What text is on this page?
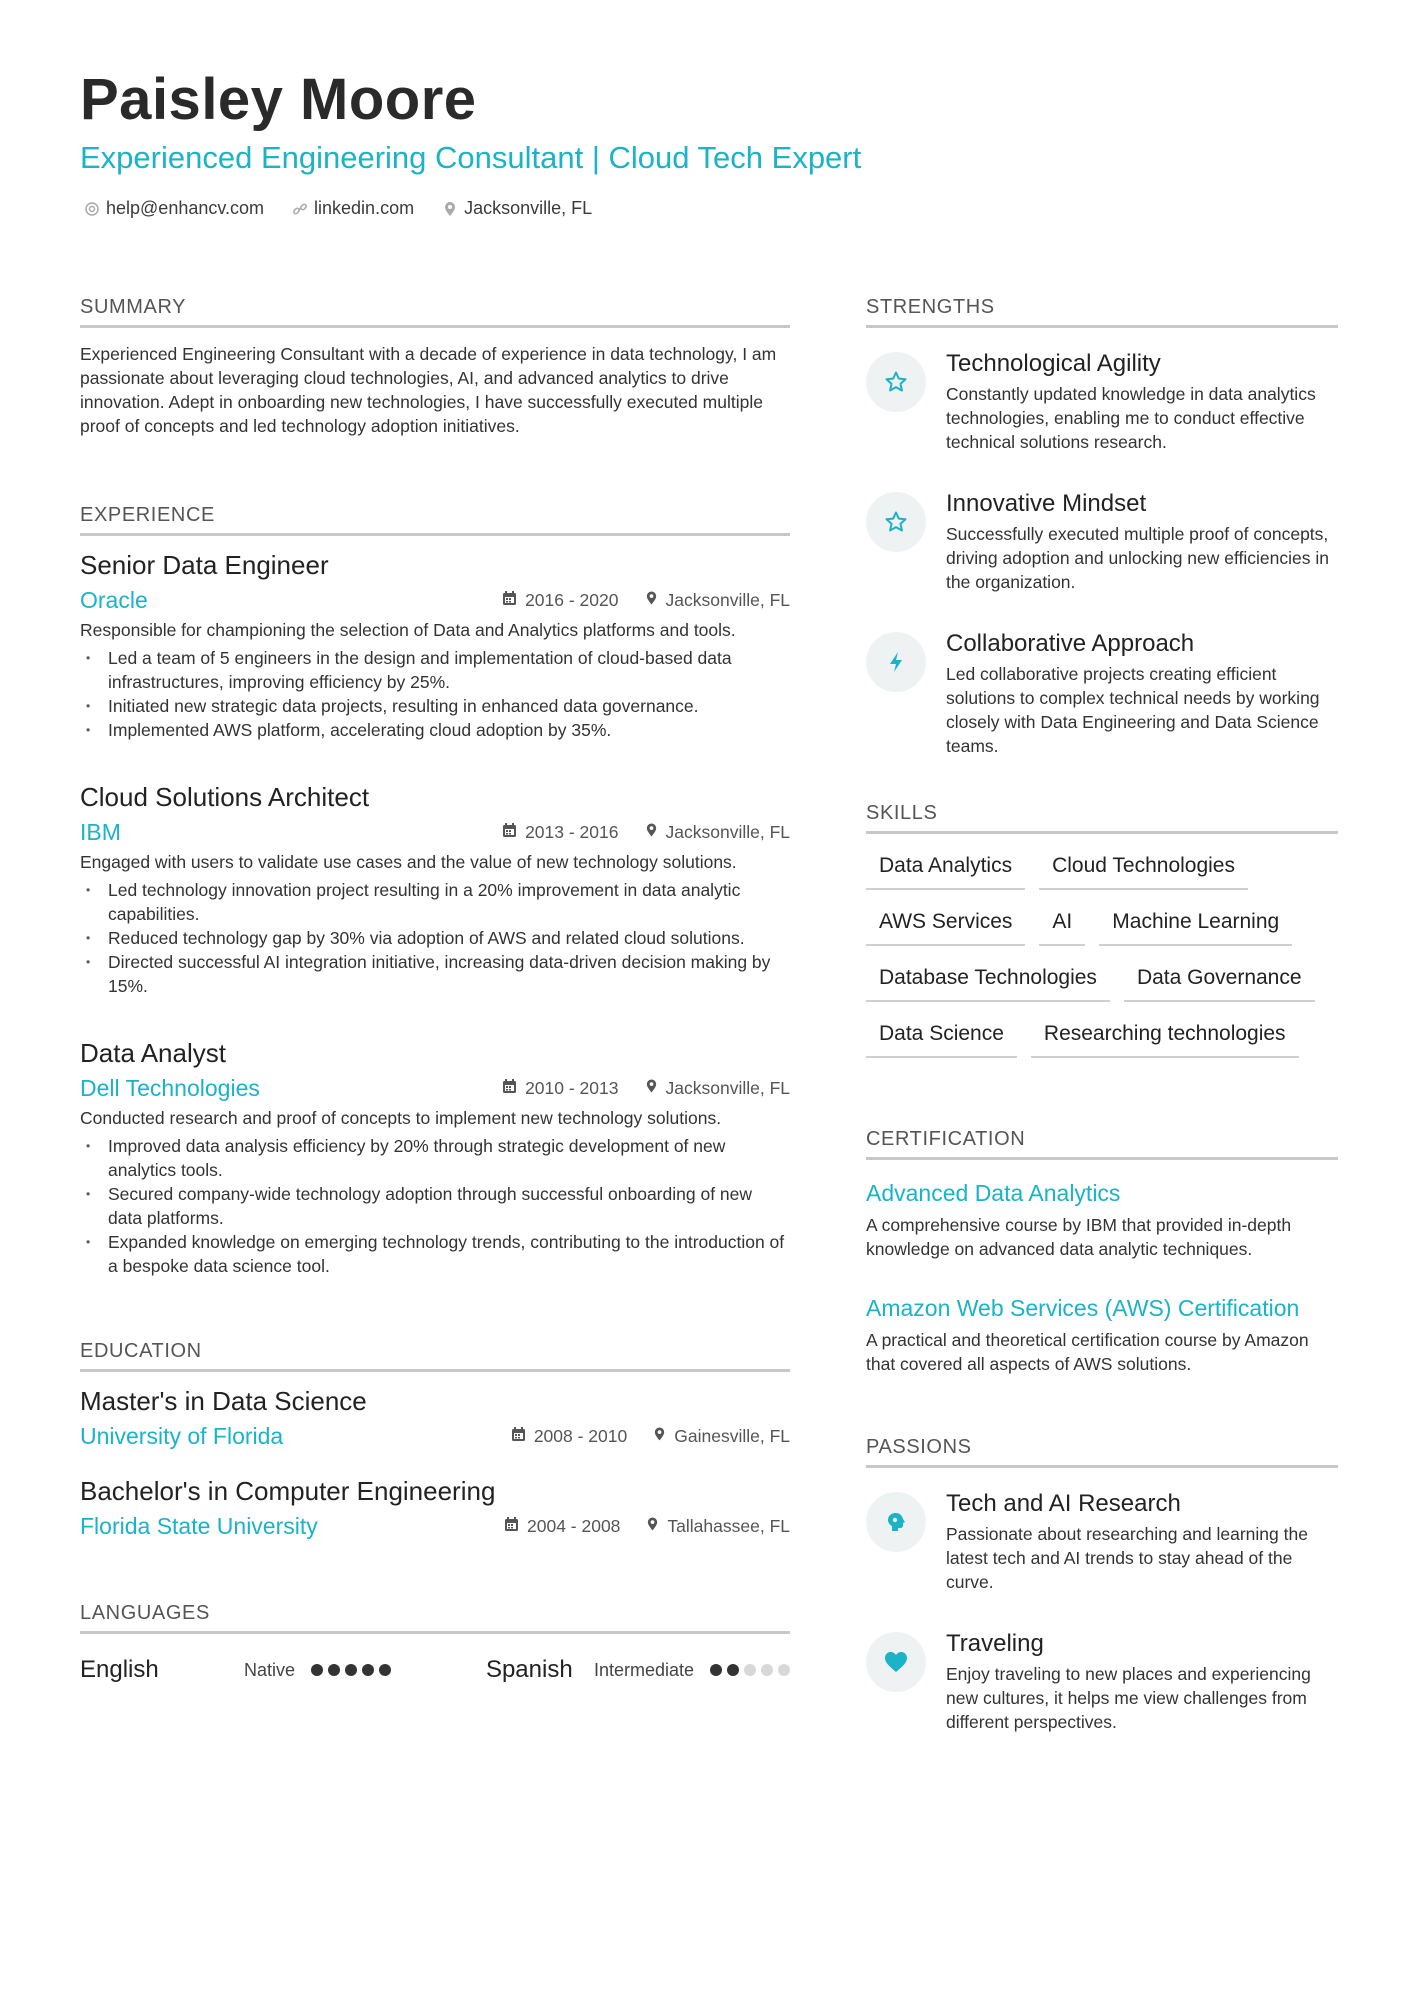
Paisley Moore
Experienced Engineering Consultant | Cloud Tech Expert
help@enhancv.com	linkedin.com	Jacksonville, FL
SUMMARY
Experienced Engineering Consultant with a decade of experience in data technology, I am passionate about leveraging cloud technologies, AI, and advanced analytics to drive innovation. Adept in onboarding new technologies, I have successfully executed multiple proof of concepts and led technology adoption initiatives.
EXPERIENCE
Senior Data Engineer
Oracle	2016 - 2020	Jacksonville, FL
Responsible for championing the selection of Data and Analytics platforms and tools.
• Led a team of 5 engineers in the design and implementation of cloud-based data infrastructures, improving efficiency by 25%.
• Initiated new strategic data projects, resulting in enhanced data governance.
• Implemented AWS platform, accelerating cloud adoption by 35%.
Cloud Solutions Architect
IBM	2013 - 2016	Jacksonville, FL
Engaged with users to validate use cases and the value of new technology solutions.
• Led technology innovation project resulting in a 20% improvement in data analytic capabilities.
• Reduced technology gap by 30% via adoption of AWS and related cloud solutions.
• Directed successful AI integration initiative, increasing data-driven decision making by 15%.
Data Analyst
Dell Technologies	2010 - 2013	Jacksonville, FL
Conducted research and proof of concepts to implement new technology solutions.
• Improved data analysis efficiency by 20% through strategic development of new analytics tools.
• Secured company-wide technology adoption through successful onboarding of new data platforms.
• Expanded knowledge on emerging technology trends, contributing to the introduction of a bespoke data science tool.
EDUCATION
Master's in Data Science
University of Florida	2008 - 2010	Gainesville, FL
Bachelor's in Computer Engineering
Florida State University	2004 - 2008	Tallahassee, FL
LANGUAGES
English	Native	Spanish	Intermediate
STRENGTHS
Technological Agility
Constantly updated knowledge in data analytics technologies, enabling me to conduct effective technical solutions research.
Innovative Mindset
Successfully executed multiple proof of concepts, driving adoption and unlocking new efficiencies in the organization.
Collaborative Approach
Led collaborative projects creating efficient solutions to complex technical needs by working closely with Data Engineering and Data Science teams.
SKILLS
Data Analytics	Cloud Technologies
AWS Services	AI	Machine Learning
Database Technologies	Data Governance
Data Science	Researching technologies
CERTIFICATION
Advanced Data Analytics
A comprehensive course by IBM that provided in-depth knowledge on advanced data analytic techniques.
Amazon Web Services (AWS) Certification
A practical and theoretical certification course by Amazon that covered all aspects of AWS solutions.
PASSIONS
Tech and AI Research
Passionate about researching and learning the latest tech and AI trends to stay ahead of the curve.
Traveling
Enjoy traveling to new places and experiencing new cultures, it helps me view challenges from different perspectives.
